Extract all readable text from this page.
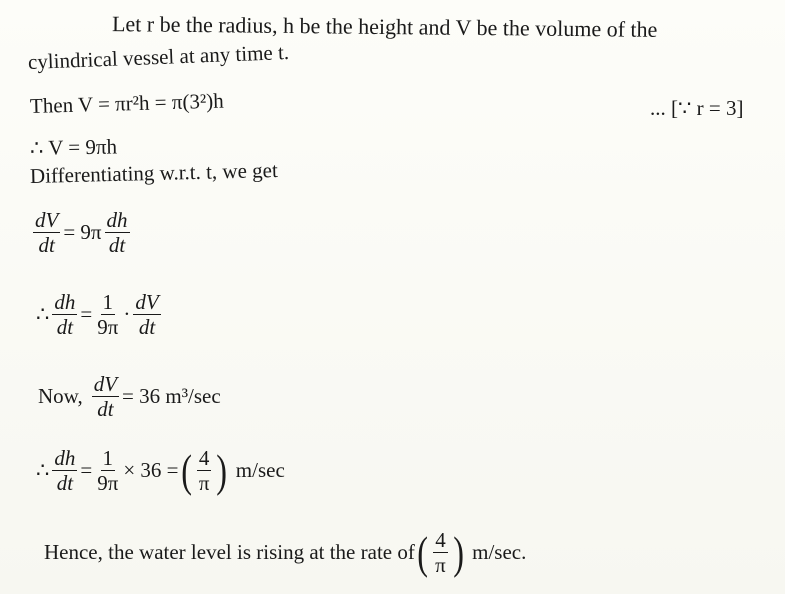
Let r be the radius, h be the height and V be the volume of the
cylindrical vessel at any time t.
Then V = πr²h = π(3²)h	... [∵ r = 3]
∴ V = 9πh
Differentiating w.r.t. t, we get
$\frac{dV}{dt} = 9\pi \frac{dh}{dt}$
∴ $\frac{dh}{dt} = \frac{1}{9\pi} \cdot \frac{dV}{dt}$
Now, $\frac{dV}{dt} = 36$ m³/sec
∴ $\frac{dh}{dt} = \frac{1}{9\pi} \times 36$ = ( $\frac{4}{\pi}$ ) m/sec
Hence, the water level is rising at the rate of ( $\frac{4}{\pi}$ ) m/sec.
